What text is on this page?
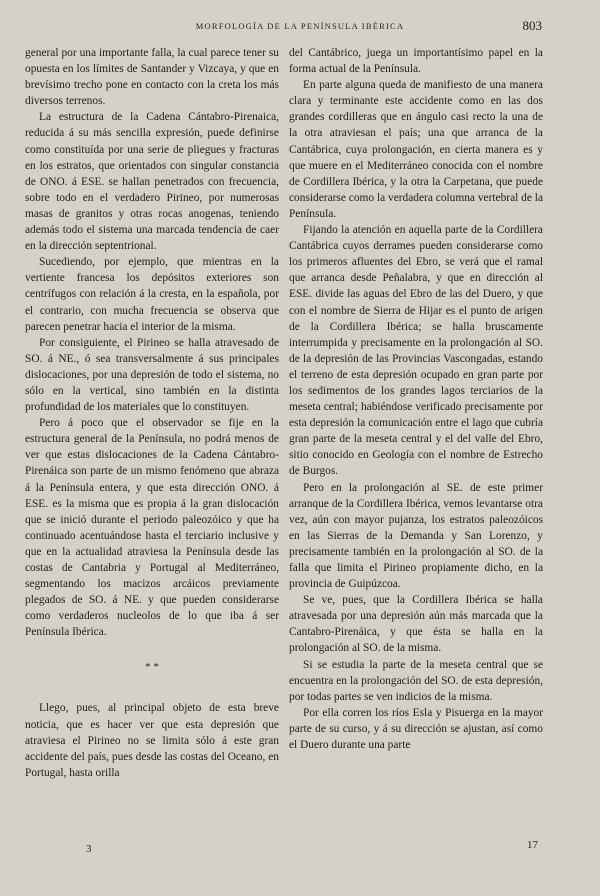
MORFOLOGÍA DE LA PENÍNSULA IBÉRICA	803

general por una importante falla, la cual parece tener su opuesta en los límites de Santander y Vizcaya, y que en brevísimo trecho pone en contacto con la creta los más diversos terrenos.

La estructura de la Cadena Cántabro-Pirenaica, reducida á su más sencilla expresión, puede definirse como constituída por una serie de pliegues y fracturas en los estratos, que orientados con singular constancia de ONO. á ESE. se hallan penetrados con frecuencia, sobre todo en el verdadero Pirineo, por numerosas masas de granitos y otras rocas anogenas, teniendo además todo el sistema una marcada tendencia de caer en la dirección septentrional.

Sucediendo, por ejemplo, que mientras en la vertiente francesa los depósitos exteriores son centrífugos con relación á la cresta, en la española, por el contrario, con mucha frecuencia se observa que parecen penetrar hacia el interior de la misma.

Por consiguiente, el Pirineo se halla atravesado de SO. á NE., ó sea transversalmente á sus principales dislocaciones, por una depresión de todo el sistema, no sólo en la vertical, sino también en la distinta profundidad de los materiales que lo constituyen.

Pero á poco que el observador se fije en la estructura general de la Península, no podrá menos de ver que estas dislocaciones de la Cadena Cántabro-Pirenáica son parte de un mismo fenómeno que abraza á la Península entera, y que esta dirección ONO. á ESE. es la misma que es propia á la gran dislocación que se inició durante el periodo paleozóico y que ha continuado acentuándose hasta el terciario inclusive y que en la actualidad atraviesa la Península desde las costas de Cantabria y Portugal al Mediterráneo, segmentando los macizos arcáicos previamente plegados de SO. á NE. y que pueden considerarse como verdaderos nucleolos de lo que iba á ser Península Ibérica.

* *

Llego, pues, al principal objeto de esta breve noticia, que es hacer ver que esta depresión que atraviesa el Pirineo no se limita sólo á este gran accidente del país, pues desde las costas del Oceano, en Portugal, hasta orilla

del Cantábrico, juega un importantísimo papel en la forma actual de la Península.

En parte alguna queda de manifiesto de una manera clara y terminante este accidente como en las dos grandes cordilleras que en ángulo casi recto la una de la otra atraviesan el país; una que arranca de la Cantábrica, cuya prolongación, en cierta manera es y que muere en el Mediterráneo conocida con el nombre de Cordillera Ibérica, y la otra la Carpetana, que puede considerarse como la verdadera columna vertebral de la Península.

Fijando la atención en aquella parte de la Cordillera Cantábrica cuyos derrames pueden considerarse como los primeros afluentes del Ebro, se verá que el ramal que arranca desde Peñalabra, y que en dirección al ESE. divide las aguas del Ebro de las del Duero, y que con el nombre de Sierra de Hijar es el punto de arigen de la Cordillera Ibérica; se halla bruscamente interrumpida y precisamente en la prolongación al SO. de la depresión de las Provincias Vascongadas, estando el terreno de esta depresión ocupado en gran parte por los sedimentos de los grandes lagos terciarios de la meseta central; habiéndose verificado precisamente por esta depresión la comunicación entre el lago que cubría gran parte de la meseta central y el del valle del Ebro, sitio conocido en Geología con el nombre de Estrecho de Burgos.

Pero en la prolongación al SE. de este primer arranque de la Cordillera Ibérica, vemos levantarse otra vez, aún con mayor pujanza, los estratos paleozóicos en las Sierras de la Demanda y San Lorenzo, y precisamente también en la prolongación al SO. de la falla que limita el Pirineo propiamente dicho, en la provincia de Guipúzcoa.

Se ve, pues, que la Cordillera Ibérica se halla atravesada por una depresión aún más marcada que la Cantabro-Pirenáica, y que ésta se halla en la prolongación al SO. de la misma.

Si se estudia la parte de la meseta central que se encuentra en la prolongación del SO. de esta depresión, por todas partes se ven indicios de la misma.

Por ella corren los ríos Esla y Pisuerga en la mayor parte de su curso, y á su dirección se ajustan, así como el Duero durante una parte

3	17
